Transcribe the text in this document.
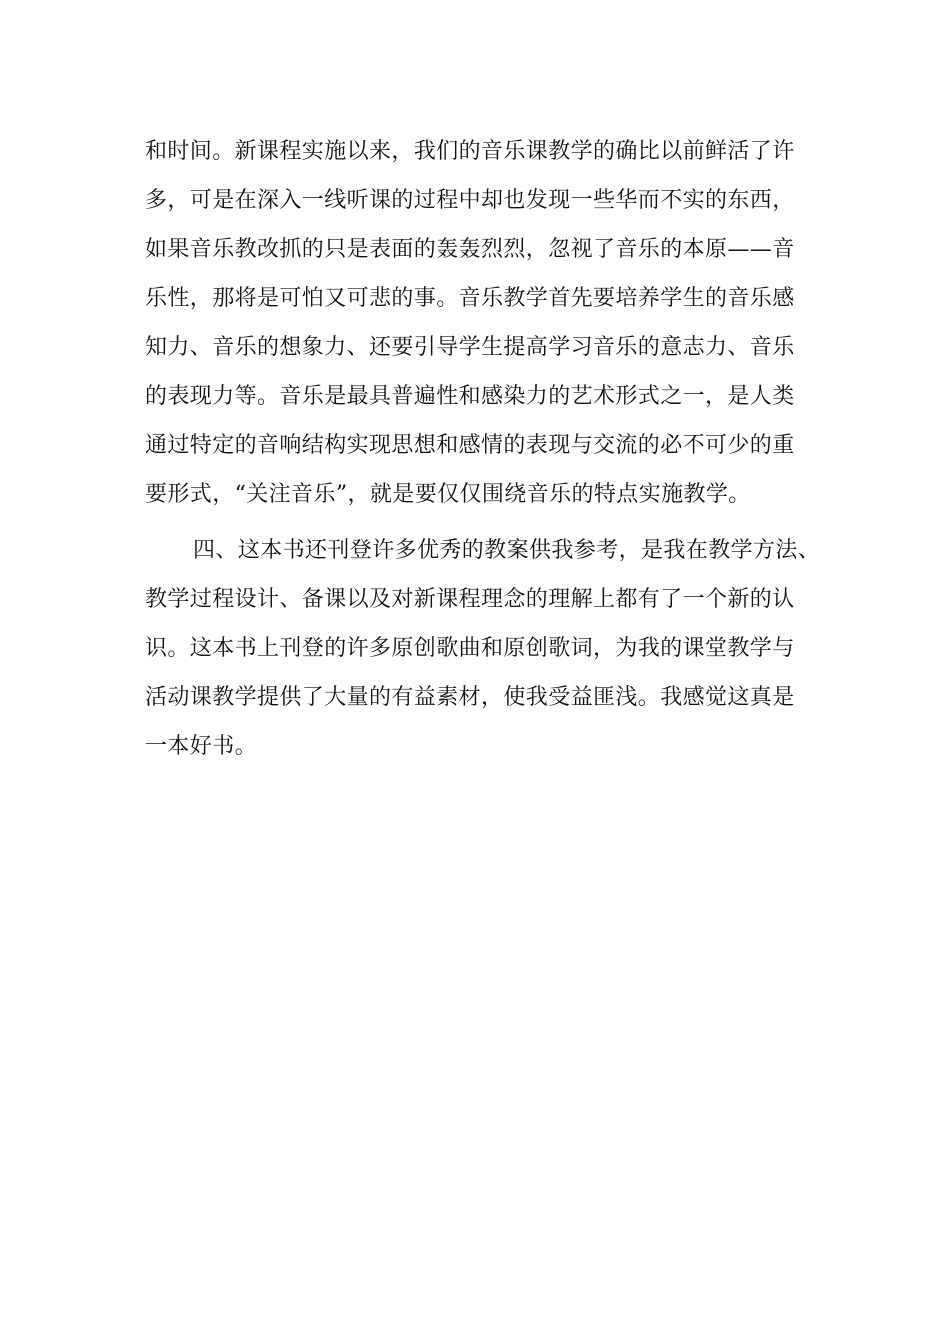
和时间。新课程实施以来，我们的音乐课教学的确比以前鲜活了许
多，可是在深入一线听课的过程中却也发现一些华而不实的东西，
如果音乐教改抓的只是表面的轰轰烈烈，忽视了音乐的本原——音
乐性，那将是可怕又可悲的事。音乐教学首先要培养学生的音乐感
知力、音乐的想象力、还要引导学生提高学习音乐的意志力、音乐
的表现力等。音乐是最具普遍性和感染力的艺术形式之一，是人类
通过特定的音响结构实现思想和感情的表现与交流的必不可少的重
要形式，“关注音乐”，就是要仅仅围绕音乐的特点实施教学。
四、这本书还刊登许多优秀的教案供我参考，是我在教学方法、
教学过程设计、备课以及对新课程理念的理解上都有了一个新的认
识。这本书上刊登的许多原创歌曲和原创歌词，为我的课堂教学与
活动课教学提供了大量的有益素材，使我受益匪浅。我感觉这真是
一本好书。
